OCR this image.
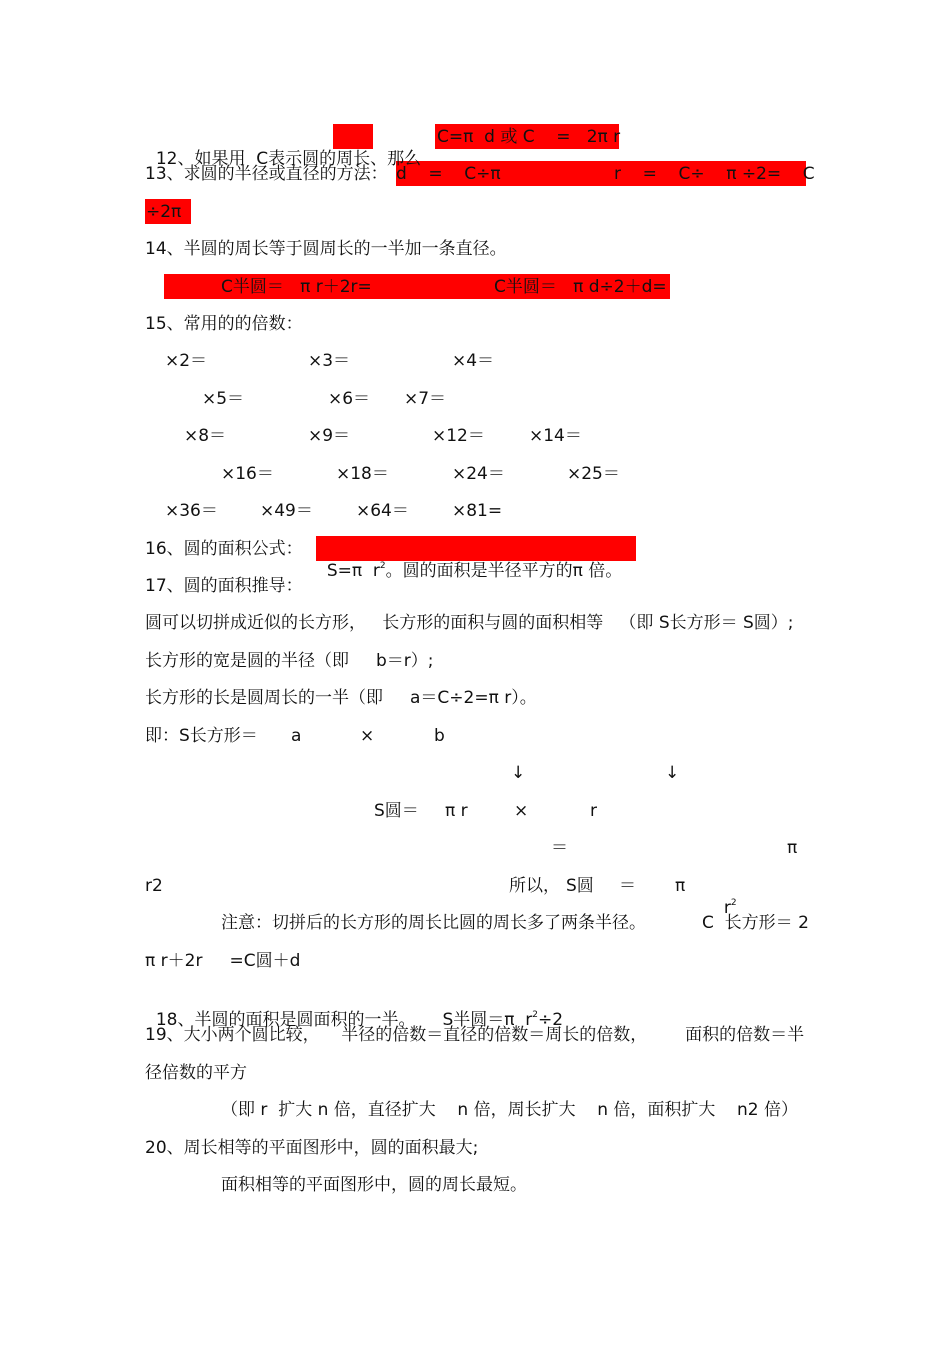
12、如果用  C表示圆的周长、那么

C=π  d 或 C    =   2π r
13、求圆的半径或直径的方法： d    =    C÷π	r    =    C÷    π ÷2=    C
÷2π
14、半圆的周长等于圆周长的一半加一条直径。
C半圆＝   π r＋2r=	C半圆＝   π d÷2＋d=
15、常用的的倍数：
×2＝	×3＝	×4＝
×5＝	×6＝ ×7＝
×8＝	×9＝	×12＝	×14＝
×16＝	×18＝	×24＝	×25＝
×36＝ ×49＝	×64＝	×81=
16、圆的面积公式：

S=π  $r^2$。圆的面积是半径平方的π 倍。

17、圆的面积推导：
圆可以切拼成近似的长方形，   长方形的面积与圆的面积相等   （即 S长方形＝ S圆）;
长方形的宽是圆的半径（即     b＝r）;
长方形的长是圆周长的一半（即     a＝C÷2=π r）。
即：S长方形＝ a	×	b
↓	↓
S圆＝ π r	×	r
＝	π
r2	所以， S圆 ＝ π

$r^2$

注意：切拼后的长方形的周长比圆的周长多了两条半径。	C  长方形＝ 2
π r＋2r     =C圆＋d

18、半圆的面积是圆面积的一半。     S半圆＝π  $r^2\div 2$

19、大小两个圆比较，    半径的倍数＝直径的倍数＝周长的倍数，       面积的倍数＝半
径倍数的平方
（即 r  扩大 n 倍，直径扩大    n 倍，周长扩大    n 倍，面积扩大    n2 倍）
20、周长相等的平面图形中，圆的面积最大;
面积相等的平面图形中，圆的周长最短。
